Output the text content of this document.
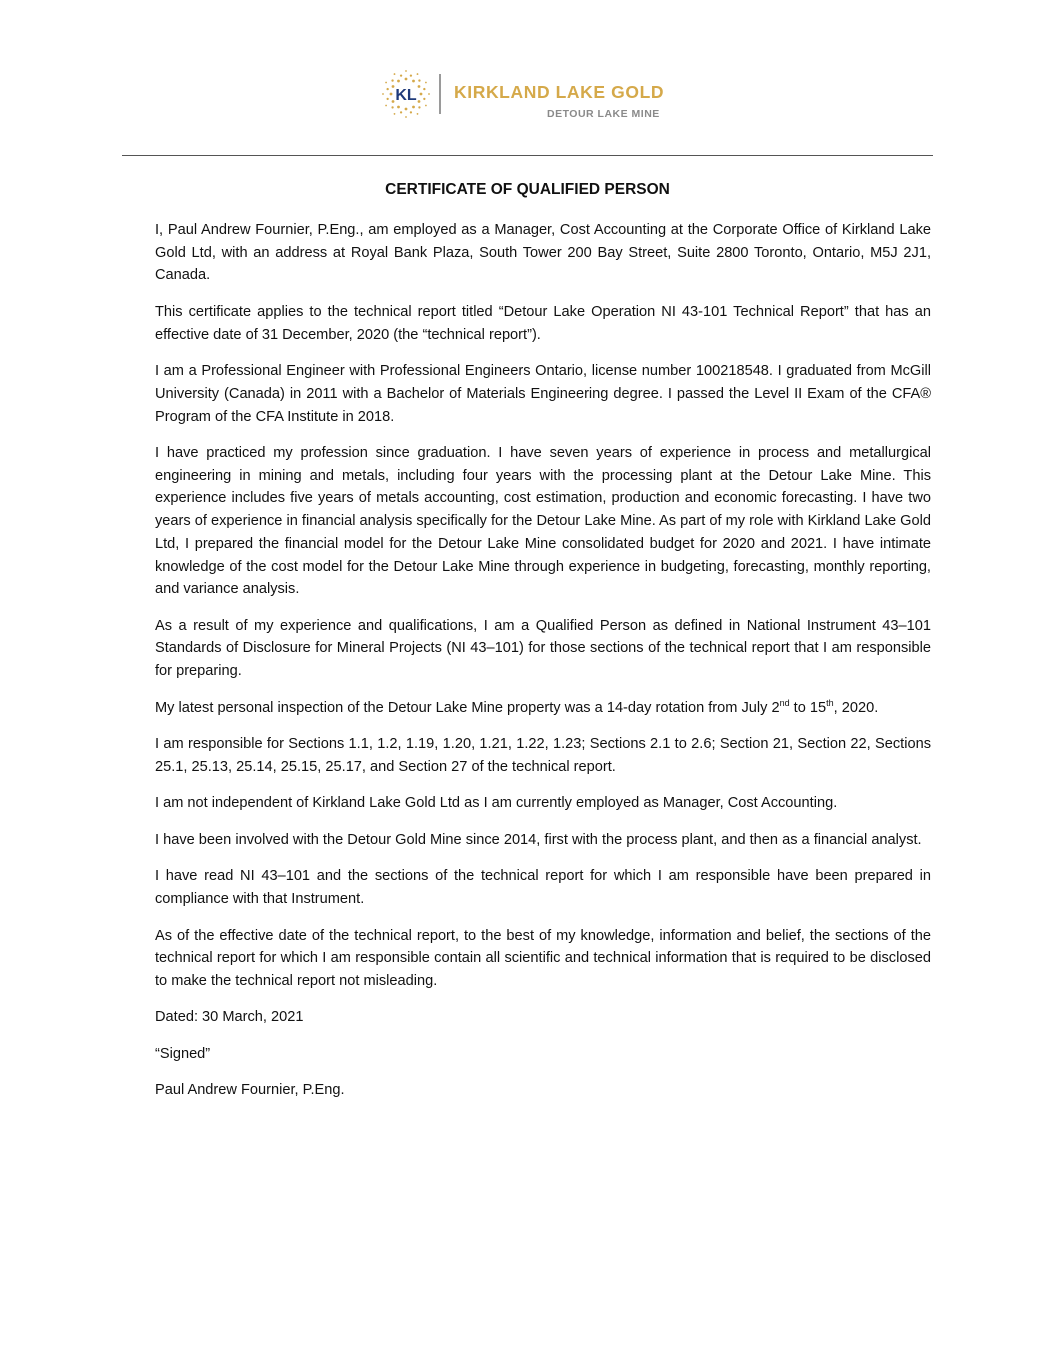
KL KIRKLAND LAKE GOLD
DETOUR LAKE MINE
CERTIFICATE OF QUALIFIED PERSON

I, Paul Andrew Fournier, P.Eng., am employed as a Manager, Cost Accounting at the Corporate Office of Kirkland Lake Gold Ltd, with an address at Royal Bank Plaza, South Tower 200 Bay Street, Suite 2800 Toronto, Ontario, M5J 2J1, Canada.

This certificate applies to the technical report titled “Detour Lake Operation NI 43-101 Technical Report” that has an effective date of 31 December, 2020 (the “technical report”).

I am a Professional Engineer with Professional Engineers Ontario, license number 100218548. I graduated from McGill University (Canada) in 2011 with a Bachelor of Materials Engineering degree. I passed the Level II Exam of the CFA® Program of the CFA Institute in 2018.

I have practiced my profession since graduation. I have seven years of experience in process and metallurgical engineering in mining and metals, including four years with the processing plant at the Detour Lake Mine. This experience includes five years of metals accounting, cost estimation, production and economic forecasting. I have two years of experience in financial analysis specifically for the Detour Lake Mine. As part of my role with Kirkland Lake Gold Ltd, I prepared the financial model for the Detour Lake Mine consolidated budget for 2020 and 2021. I have intimate knowledge of the cost model for the Detour Lake Mine through experience in budgeting, forecasting, monthly reporting, and variance analysis.

As a result of my experience and qualifications, I am a Qualified Person as defined in National Instrument 43–101 Standards of Disclosure for Mineral Projects (NI 43–101) for those sections of the technical report that I am responsible for preparing.

My latest personal inspection of the Detour Lake Mine property was a 14-day rotation from July 2nd to 15th, 2020.

I am responsible for Sections 1.1, 1.2, 1.19, 1.20, 1.21, 1.22, 1.23; Sections 2.1 to 2.6; Section 21, Section 22, Sections 25.1, 25.13, 25.14, 25.15, 25.17, and Section 27 of the technical report.

I am not independent of Kirkland Lake Gold Ltd as I am currently employed as Manager, Cost Accounting.

I have been involved with the Detour Gold Mine since 2014, first with the process plant, and then as a financial analyst.

I have read NI 43–101 and the sections of the technical report for which I am responsible have been prepared in compliance with that Instrument.

As of the effective date of the technical report, to the best of my knowledge, information and belief, the sections of the technical report for which I am responsible contain all scientific and technical information that is required to be disclosed to make the technical report not misleading.

Dated: 30 March, 2021

“Signed”

Paul Andrew Fournier, P.Eng.
